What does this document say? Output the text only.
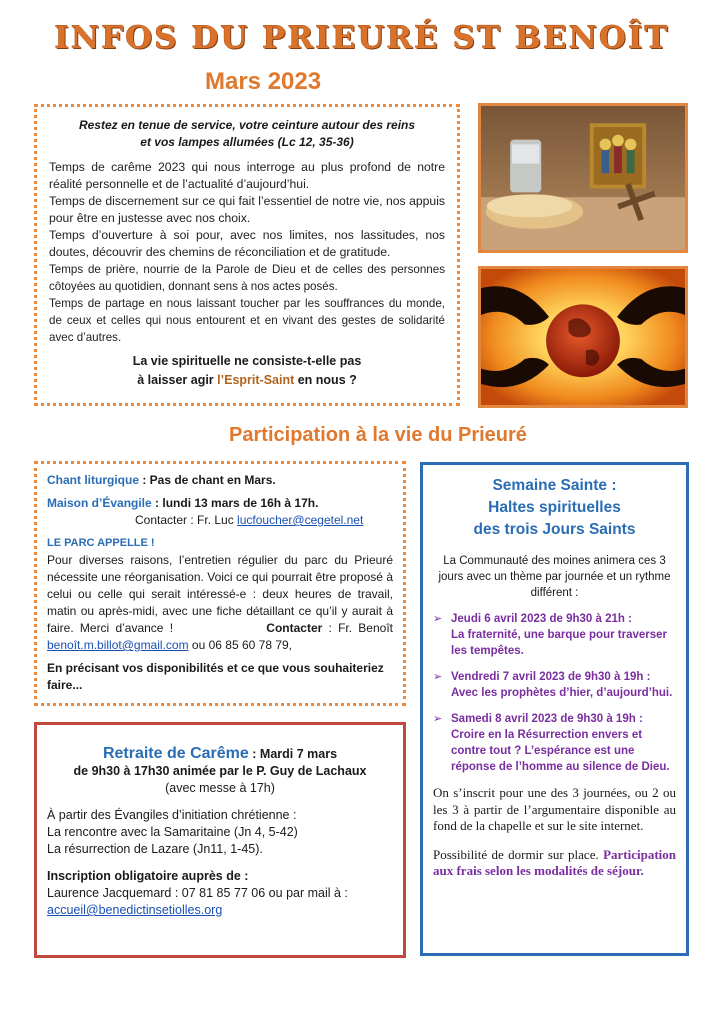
INFOS DU PRIEURÉ ST BENOÎT
Mars 2023
Restez en tenue de service, votre ceinture autour des reins
et vos lampes allumées (Lc 12, 35-36)
Temps de carême 2023 qui nous interroge au plus profond de notre réalité personnelle et de l’actualité d’aujourd’hui.
Temps de discernement sur ce qui fait l’essentiel de notre vie, nos appuis pour être en justesse avec nos choix.
Temps d’ouverture à soi pour, avec nos limites, nos lassitudes, nos doutes, découvrir des chemins de réconciliation et de gratitude.
Temps de prière, nourrie de la Parole de Dieu et de celles des personnes côtoyées au quotidien, donnant sens à nos actes posés.
Temps de partage en nous laissant toucher par les souffrances du monde, de ceux et celles qui nous entourent et en vivant des gestes de solidarité avec d’autres.
La vie spirituelle ne consiste-t-elle pas
à laisser agir l’Esprit-Saint en nous ?
Participation à la vie du Prieuré
Chant liturgique : Pas de chant en Mars.
Maison d’Évangile : lundi 13 mars de 16h à 17h.
Contacter : Fr. Luc lucfoucher@cegetel.net
LE PARC APPELLE !
Pour diverses raisons, l’entretien régulier du parc du Prieuré nécessite une réorganisation. Voici ce qui pourrait être proposé à celui ou celle qui serait intéressé-e : deux heures de travail, matin ou après-midi, avec une fiche détaillant ce qu’il y aurait à faire. Merci d’avance !	Contacter : Fr. Benoît benoît.m.billot@gmail.com ou 06 85 60 78 79,
En précisant vos disponibilités et ce que vous souhaiteriez faire...
Retraite de Carême : Mardi 7 mars
de 9h30 à 17h30 animée par le P. Guy de Lachaux
(avec messe à 17h)
À partir des Évangiles d’initiation chrétienne :
La rencontre avec la Samaritaine (Jn 4, 5-42)
La résurrection de Lazare (Jn11, 1-45).
Inscription obligatoire auprès de :
Laurence Jacquemard : 07 81 85 77 06 ou par mail à :
accueil@benedictinsetiolles.org
Semaine Sainte :
Haltes spirituelles
des trois Jours Saints
La Communauté des moines animera ces 3 jours avec un thème par journée et un rythme différent :
➢ Jeudi 6 avril 2023 de 9h30 à 21h :
La fraternité, une barque pour traverser les tempêtes.
➢ Vendredi 7 avril 2023 de 9h30 à 19h :
Avec les prophètes d’hier, d’aujourd’hui.
➢ Samedi 8 avril 2023 de 9h30 à 19h :
Croire en la Résurrection envers et contre tout ? L’espérance est une réponse de l’homme au silence de Dieu.
On s’inscrit pour une des 3 journées, ou 2 ou les 3 à partir de l’argumentaire disponible au fond de la chapelle et sur le site internet.
Possibilité de dormir sur place. Participation aux frais selon les modalités de séjour.
